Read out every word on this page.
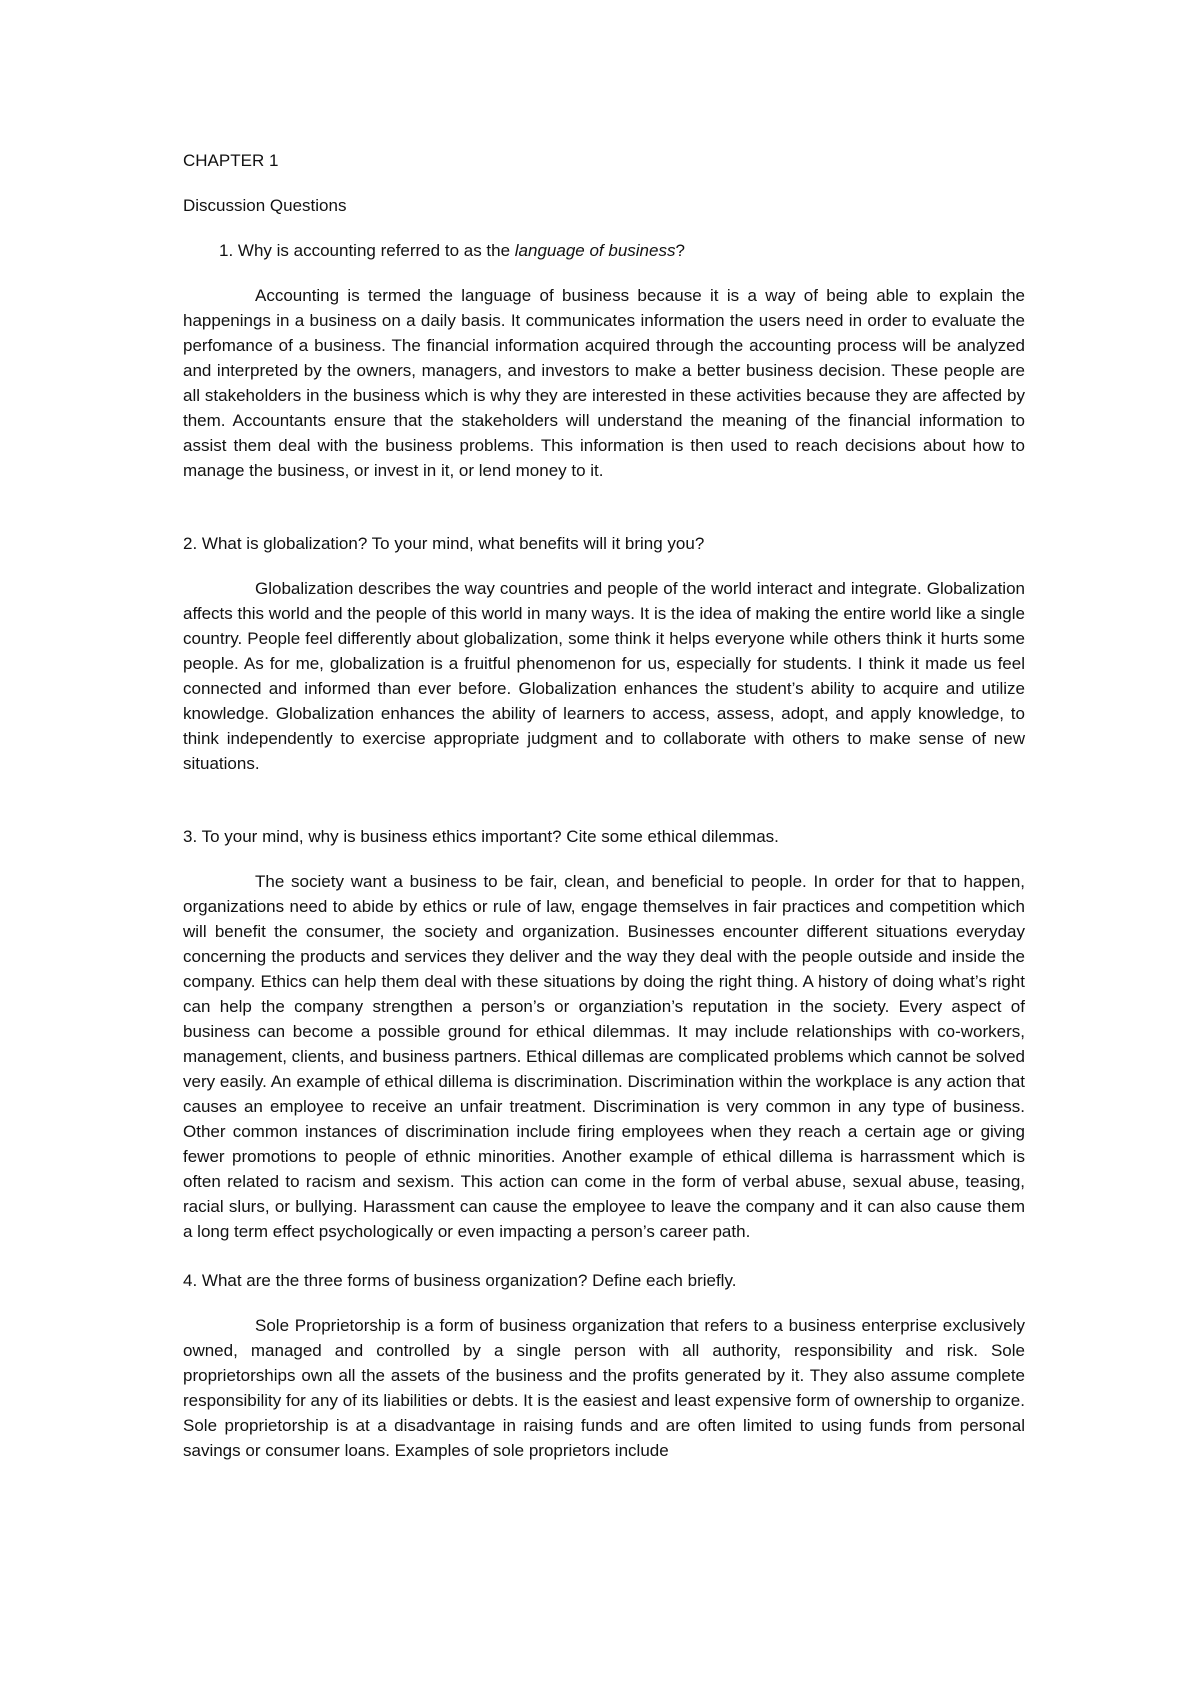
CHAPTER 1

Discussion Questions

1. Why is accounting referred to as the language of business?

Accounting is termed the language of business because it is a way of being able to explain the happenings in a business on a daily basis. It communicates information the users need in order to evaluate the perfomance of a business. The financial information acquired through the accounting process will be analyzed and interpreted by the owners, managers, and investors to make a better business decision. These people are all stakeholders in the business which is why they are interested in these activities because they are affected by them. Accountants ensure that the stakeholders will understand the meaning of the financial information to assist them deal with the business problems. This information is then used to reach decisions about how to manage the business, or invest in it, or lend money to it.

2. What is globalization? To your mind, what benefits will it bring you?

Globalization describes the way countries and people of the world interact and integrate. Globalization affects this world and the people of this world in many ways. It is the idea of making the entire world like a single country. People feel differently about globalization, some think it helps everyone while others think it hurts some people. As for me, globalization is a fruitful phenomenon for us, especially for students. I think it made us feel connected and informed than ever before. Globalization enhances the student’s ability to acquire and utilize knowledge. Globalization enhances the ability of learners to access, assess, adopt, and apply knowledge, to think independently to exercise appropriate judgment and to collaborate with others to make sense of new situations.

3. To your mind, why is business ethics important? Cite some ethical dilemmas.

The society want a business to be fair, clean, and beneficial to people. In order for that to happen, organizations need to abide by ethics or rule of law, engage themselves in fair practices and competition which will benefit the consumer, the society and organization. Businesses encounter different situations everyday concerning the products and services they deliver and the way they deal with the people outside and inside the company. Ethics can help them deal with these situations by doing the right thing. A history of doing what’s right can help the company strengthen a person’s or organziation’s reputation in the society. Every aspect of business can become a possible ground for ethical dilemmas. It may include relationships with co-workers, management, clients, and business partners. Ethical dillemas are complicated problems which cannot be solved very easily. An example of ethical dillema is discrimination. Discrimination within the workplace is any action that causes an employee to receive an unfair treatment. Discrimination is very common in any type of business. Other common instances of discrimination include firing employees when they reach a certain age or giving fewer promotions to people of ethnic minorities. Another example of ethical dillema is harrassment which is often related to racism and sexism. This action can come in the form of verbal abuse, sexual abuse, teasing, racial slurs, or bullying. Harassment can cause the employee to leave the company and it can also cause them a long term effect psychologically or even impacting a person’s career path.

4. What are the three forms of business organization? Define each briefly.

Sole Proprietorship is a form of business organization that refers to a business enterprise exclusively owned, managed and controlled by a single person with all authority, responsibility and risk. Sole proprietorships own all the assets of the business and the profits generated by it. They also assume complete responsibility for any of its liabilities or debts. It is the easiest and least expensive form of ownership to organize. Sole proprietorship is at a disadvantage in raising funds and are often limited to using funds from personal savings or consumer loans. Examples of sole proprietors include
